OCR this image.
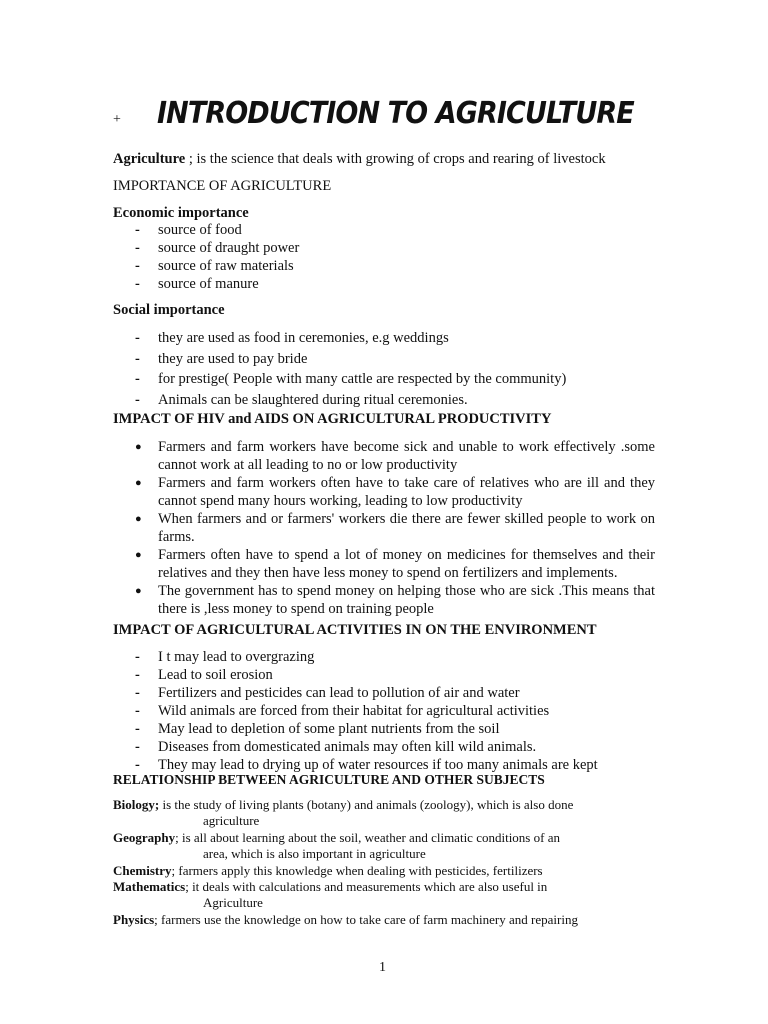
+ INTRODUCTION TO AGRICULTURE
Agriculture ; is the science that deals with growing of crops and rearing of livestock
IMPORTANCE OF AGRICULTURE
Economic importance
- source of food
- source of draught power
- source of raw materials
- source of manure
Social importance
- they are used as food in ceremonies, e.g weddings
- they are used to pay bride
- for prestige( People with many cattle are respected by the community)
- Animals can be slaughtered during ritual ceremonies.
IMPACT OF HIV and AIDS ON AGRICULTURAL PRODUCTIVITY
● Farmers and farm workers have become sick and unable to work effectively .some cannot work at all leading to no or low productivity
● Farmers and farm workers often have to take care of relatives who are ill and they cannot spend many hours working, leading to low productivity
● When farmers and or farmers' workers die there are fewer skilled people to work on farms.
● Farmers often have to spend a lot of money on medicines for themselves and their relatives and they then have less money to spend on fertilizers and implements.
● The government has to spend money on helping those who are sick .This means that there is ,less money to spend on training people
IMPACT OF AGRICULTURAL ACTIVITIES IN ON THE ENVIRONMENT
- I t may lead to overgrazing
- Lead to soil erosion
- Fertilizers and pesticides can lead to pollution of air and water
- Wild animals are forced from their habitat for agricultural activities
- May lead to depletion of some plant nutrients from the soil
- Diseases from domesticated animals may often kill wild animals.
- They may lead to drying up of water resources if too many animals are kept
RELATIONSHIP BETWEEN AGRICULTURE AND OTHER SUBJECTS
Biology; is the study of living plants (botany) and animals (zoology), which is also done
agriculture
Geography; is all about learning about the soil, weather and climatic conditions of an
area, which is also important in agriculture
Chemistry; farmers apply this knowledge when dealing with pesticides, fertilizers
Mathematics; it deals with calculations and measurements which are also useful in
Agriculture
Physics; farmers use the knowledge on how to take care of farm machinery and repairing
1
